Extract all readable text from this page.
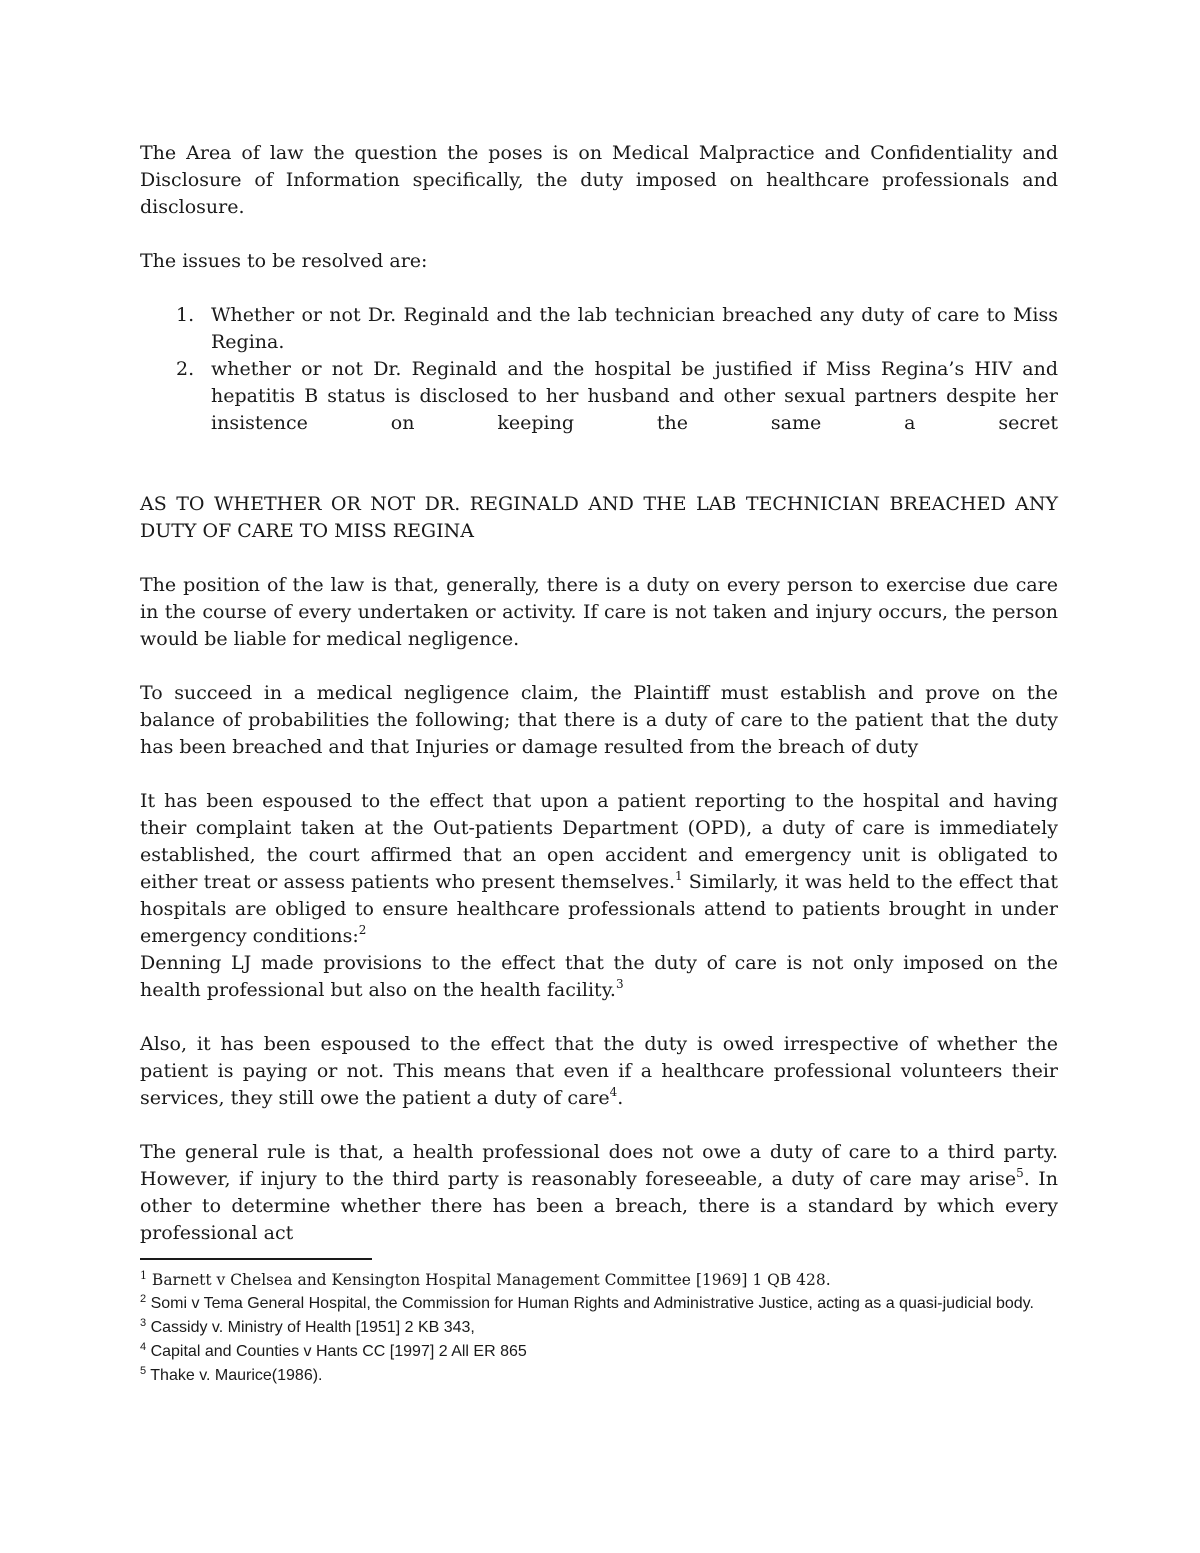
The Area of law the question the poses is on Medical Malpractice and Confidentiality and Disclosure of Information specifically, the duty imposed on healthcare professionals and disclosure.

The issues to be resolved are:

1. Whether or not Dr. Reginald and the lab technician breached any duty of care to Miss Regina.
2. whether or not Dr. Reginald and the hospital be justified if Miss Regina’s HIV and hepatitis B status is disclosed to her husband and other sexual partners despite her insistence on keeping the same a secret

AS TO WHETHER OR NOT DR. REGINALD AND THE LAB TECHNICIAN BREACHED ANY DUTY OF CARE TO MISS REGINA

The position of the law is that, generally, there is a duty on every person to exercise due care in the course of every undertaken or activity. If care is not taken and injury occurs, the person would be liable for medical negligence.

To succeed in a medical negligence claim, the Plaintiff must establish and prove on the balance of probabilities the following; that there is a duty of care to the patient that the duty has been breached and that Injuries or damage resulted from the breach of duty

It has been espoused to the effect that upon a patient reporting to the hospital and having their complaint taken at the Out-patients Department (OPD), a duty of care is immediately established, the court affirmed that an open accident and emergency unit is obligated to either treat or assess patients who present themselves.$^1$ Similarly, it was held to the effect that hospitals are obliged to ensure healthcare professionals attend to patients brought in under emergency conditions:$^2$

Denning LJ made provisions to the effect that the duty of care is not only imposed on the health professional but also on the health facility.$^3$

Also, it has been espoused to the effect that the duty is owed irrespective of whether the patient is paying or not. This means that even if a healthcare professional volunteers their services, they still owe the patient a duty of care$^4$.

The general rule is that, a health professional does not owe a duty of care to a third party. However, if injury to the third party is reasonably foreseeable, a duty of care may arise$^5$. In other to determine whether there has been a breach, there is a standard by which every professional act

$^1$ Barnett v Chelsea and Kensington Hospital Management Committee [1969] 1 QB 428.

$^2$ Somi v Tema General Hospital, the Commission for Human Rights and Administrative Justice, acting as a quasi-judicial body.

$^3$ Cassidy v. Ministry of Health [1951] 2 KB 343,

$^4$ Capital and Counties v Hants CC [1997] 2 All ER 865

$^5$ Thake v. Maurice(1986).
